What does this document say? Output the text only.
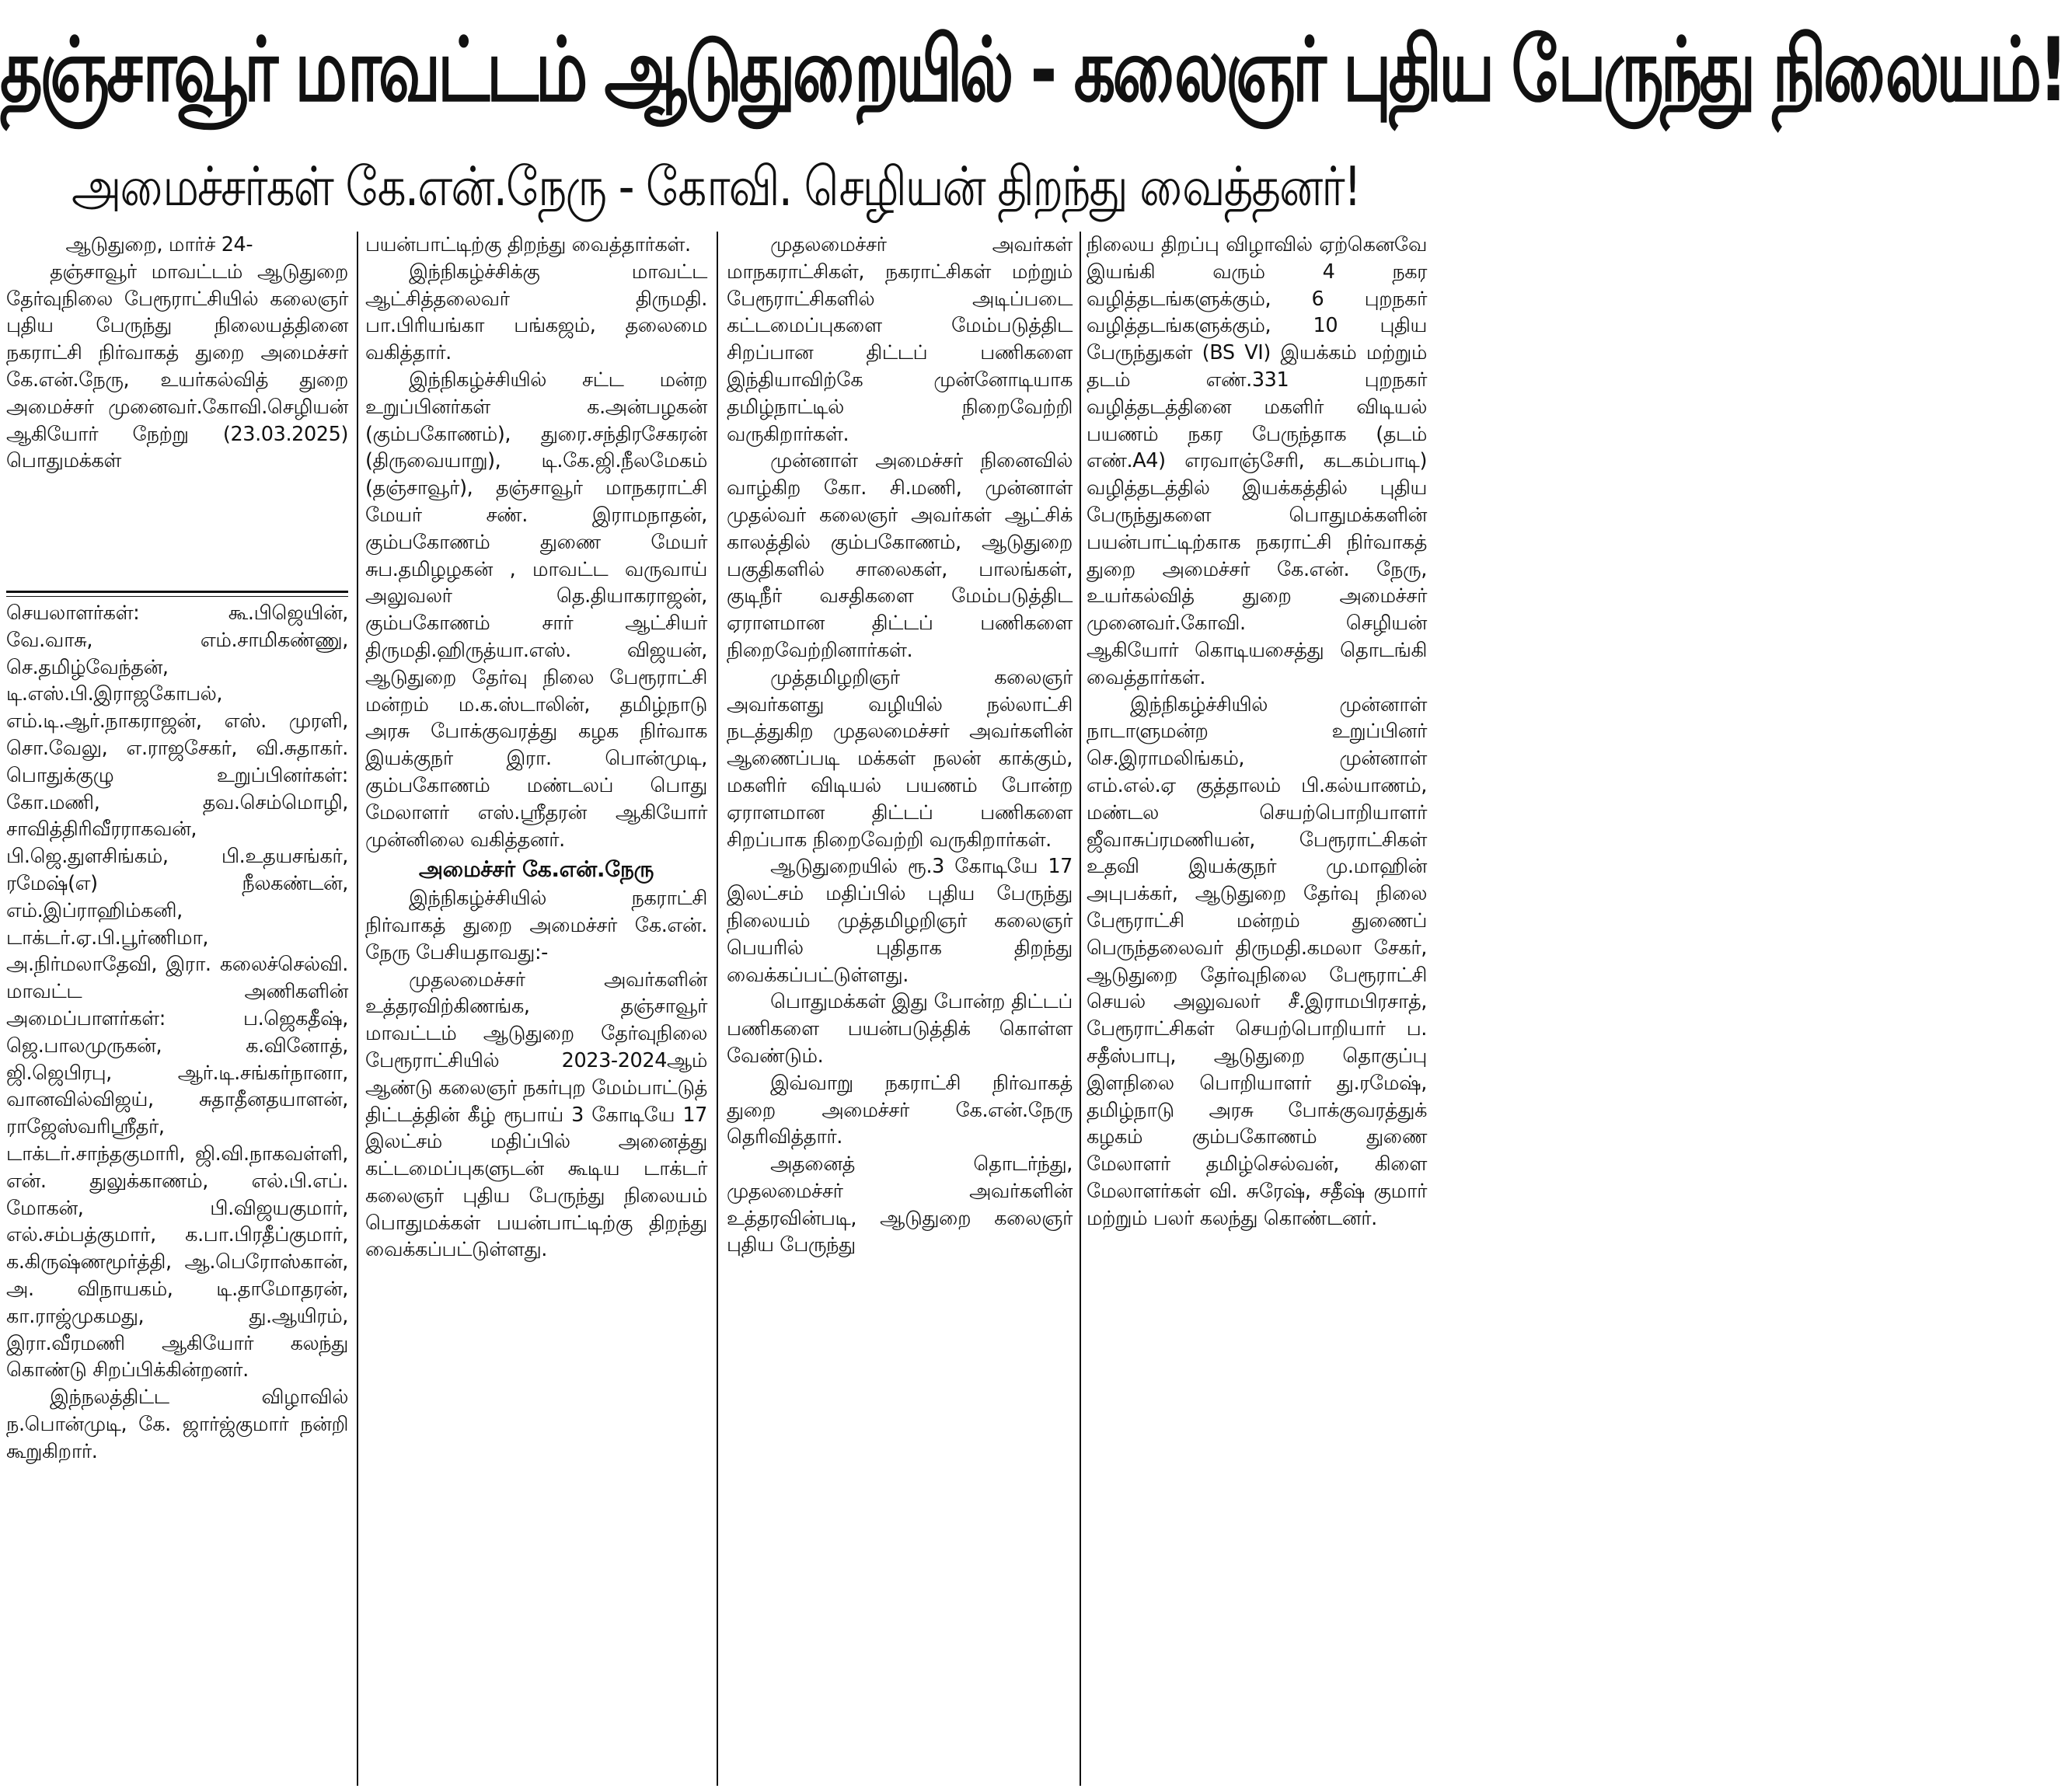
தஞ்சாவூர் மாவட்டம் ஆடுதுறையில் - கலைஞர் புதிய பேருந்து நிலையம்!
அமைச்சர்கள் கே.என்.நேரு - கோவி. செழியன் திறந்து வைத்தனர்!

ஆடுதுறை, மார்ச் 24-

தஞ்சாவூர் மாவட்டம் ஆடுதுறை தேர்வுநிலை பேரூராட்சியில் கலைஞர் புதிய பேருந்து நிலையத்தினை நகராட்சி நிர்வாகத் துறை அமைச்சர் கே.என்.நேரு, உயர்கல்வித் துறை அமைச்சர் முனைவர்.கோவி.செழியன் ஆகியோர் நேற்று (23.03.2025) பொதுமக்கள்

செயலாளர்கள்: கூ.பிஜெயின், வே.வாசு, எம்.சாமிகண்ணு, செ.தமிழ்வேந்தன், டி.எஸ்.பி.இராஜகோபல், எம்.டி.ஆர்.நாகராஜன், எஸ். முரளி, சொ.வேலு, எ.ராஜசேகர், வி.சுதாகர். பொதுக்குழு உறுப்பினர்கள்: கோ.மணி, தவ.செம்மொழி, சாவித்திரிவீரராகவன், பி.ஜெ.துளசிங்கம், பி.உதயசங்கர், ரமேஷ்(எ) நீலகண்டன், எம்.இப்ராஹிம்கனி, டாக்டர்.ஏ.பி.பூர்ணிமா, அ.நிர்மலாதேவி, இரா. கலைச்செல்வி. மாவட்ட அணிகளின் அமைப்பாளர்கள்: ப.ஜெகதீஷ், ஜெ.பாலமுருகன், க.வினோத், ஜி.ஜெபிரபு, ஆர்.டி.சங்கர்நானா, வானவில்விஜய், சுதாதீனதயாளன், ராஜேஸ்வரிஸ்ரீதர், டாக்டர்.சாந்தகுமாரி, ஜி.வி.நாகவள்ளி, என். துலுக்காணம், எல்.பி.எப். மோகன், பி.விஜயகுமார், எல்.சம்பத்குமார், க.பா.பிரதீப்குமார், க.கிருஷ்ணமூர்த்தி, ஆ.பெரோஸ்கான், அ. விநாயகம், டி.தாமோதரன், கா.ராஜ்முகமது, து.ஆயிரம், இரா.வீரமணி ஆகியோர் கலந்து கொண்டு சிறப்பிக்கின்றனர்.

இந்நலத்திட்ட விழாவில் ந.பொன்முடி, கே. ஜார்ஜ்குமார் நன்றி கூறுகிறார்.

பயன்பாட்டிற்கு திறந்து வைத்தார்கள்.

இந்நிகழ்ச்சிக்கு மாவட்ட ஆட்சித்தலைவர் திருமதி. பா.பிரியங்கா பங்கஜம், தலைமை வகித்தார்.

இந்நிகழ்ச்சியில் சட்ட மன்ற உறுப்பினர்கள் க.அன்பழகன் (கும்பகோணம்), துரை.சந்திரசேகரன் (திருவையாறு), டி.கே.ஜி.நீலமேகம் (தஞ்சாவூர்), தஞ்சாவூர் மாநகராட்சி மேயர் சண். இராமநாதன், கும்பகோணம் துணை மேயர் சுப.தமிழழகன் , மாவட்ட வருவாய் அலுவலர் தெ.தியாகராஜன், கும்பகோணம் சார் ஆட்சியர் திருமதி.ஹிருத்யா.எஸ். விஜயன், ஆடுதுறை தேர்வு நிலை பேரூராட்சி மன்றம் ம.க.ஸ்டாலின், தமிழ்நாடு அரசு போக்குவரத்து கழக நிர்வாக இயக்குநர் இரா. பொன்முடி, கும்பகோணம் மண்டலப் பொது மேலாளர் எஸ்.ஸ்ரீதரன் ஆகியோர் முன்னிலை வகித்தனர்.

அமைச்சர் கே.என்.நேரு

இந்நிகழ்ச்சியில் நகராட்சி நிர்வாகத் துறை அமைச்சர் கே.என். நேரு பேசியதாவது:-

முதலமைச்சர் அவர்களின் உத்தரவிற்கிணங்க, தஞ்சாவூர் மாவட்டம் ஆடுதுறை தேர்வுநிலை பேரூராட்சியில் 2023-2024ஆம் ஆண்டு கலைஞர் நகர்புற மேம்பாட்டுத் திட்டத்தின் கீழ் ரூபாய் 3 கோடியே 17 இலட்சம் மதிப்பில் அனைத்து கட்டமைப்புகளுடன் கூடிய டாக்டர் கலைஞர் புதிய பேருந்து நிலையம் பொதுமக்கள் பயன்பாட்டிற்கு திறந்து வைக்கப்பட்டுள்ளது.

முதலமைச்சர் அவர்கள் மாநகராட்சிகள், நகராட்சிகள் மற்றும் பேரூராட்சிகளில் அடிப்படை கட்டமைப்புகளை மேம்படுத்திட சிறப்பான திட்டப் பணிகளை இந்தியாவிற்கே முன்னோடியாக தமிழ்நாட்டில் நிறைவேற்றி வருகிறார்கள்.

முன்னாள் அமைச்சர் நினைவில் வாழ்கிற கோ. சி.மணி, முன்னாள் முதல்வர் கலைஞர் அவர்கள் ஆட்சிக் காலத்தில் கும்பகோணம், ஆடுதுறை பகுதிகளில் சாலைகள், பாலங்கள், குடிநீர் வசதிகளை மேம்படுத்திட ஏராளமான திட்டப் பணிகளை நிறைவேற்றினார்கள்.

முத்தமிழறிஞர் கலைஞர் அவர்களது வழியில் நல்லாட்சி நடத்துகிற முதலமைச்சர் அவர்களின் ஆணைப்படி மக்கள் நலன் காக்கும், மகளிர் விடியல் பயணம் போன்ற ஏராளமான திட்டப் பணிகளை சிறப்பாக நிறைவேற்றி வருகிறார்கள்.

ஆடுதுறையில் ரூ.3 கோடியே 17 இலட்சம் மதிப்பில் புதிய பேருந்து நிலையம் முத்தமிழறிஞர் கலைஞர் பெயரில் புதிதாக திறந்து வைக்கப்பட்டுள்ளது.

பொதுமக்கள் இது போன்ற திட்டப் பணிகளை பயன்படுத்திக் கொள்ள வேண்டும்.

இவ்வாறு நகராட்சி நிர்வாகத் துறை அமைச்சர் கே.என்.நேரு தெரிவித்தார்.

அதனைத் தொடர்ந்து, முதலமைச்சர் அவர்களின் உத்தரவின்படி, ஆடுதுறை கலைஞர் புதிய பேருந்து

நிலைய திறப்பு விழாவில் ஏற்கெனவே இயங்கி வரும் 4 நகர வழித்தடங்களுக்கும், 6 புறநகர் வழித்தடங்களுக்கும், 10 புதிய பேருந்துகள் (BS VI) இயக்கம் மற்றும் தடம் எண்.331 புறநகர் வழித்தடத்தினை மகளிர் விடியல் பயணம் நகர பேருந்தாக (தடம் எண்.A4) எரவாஞ்சேரி, கடகம்பாடி) வழித்தடத்தில் இயக்கத்தில் புதிய பேருந்துகளை பொதுமக்களின் பயன்பாட்டிற்காக நகராட்சி நிர்வாகத் துறை அமைச்சர் கே.என். நேரு, உயர்கல்வித் துறை அமைச்சர் முனைவர்.கோவி. செழியன் ஆகியோர் கொடியசைத்து தொடங்கி வைத்தார்கள்.

இந்நிகழ்ச்சியில் முன்னாள் நாடாளுமன்ற உறுப்பினர் செ.இராமலிங்கம், முன்னாள் எம்.எல்.ஏ குத்தாலம் பி.கல்யாணம், மண்டல செயற்பொறியாளர் ஜீவாசுப்ரமணியன், பேரூராட்சிகள் உதவி இயக்குநர் மு.மாஹின் அபுபக்கர், ஆடுதுறை தேர்வு நிலை பேரூராட்சி மன்றம் துணைப் பெருந்தலைவர் திருமதி.கமலா சேகர், ஆடுதுறை தேர்வுநிலை பேரூராட்சி செயல் அலுவலர் சீ.இராமபிரசாத், பேரூராட்சிகள் செயற்பொறியார் ப. சதீஸ்பாபு, ஆடுதுறை தொகுப்பு இளநிலை பொறியாளர் து.ரமேஷ், தமிழ்நாடு அரசு போக்குவரத்துக் கழகம் கும்பகோணம் துணை மேலாளர் தமிழ்செல்வன், கிளை மேலாளர்கள் வி. சுரேஷ், சதீஷ் குமார் மற்றும் பலர் கலந்து கொண்டனர்.
